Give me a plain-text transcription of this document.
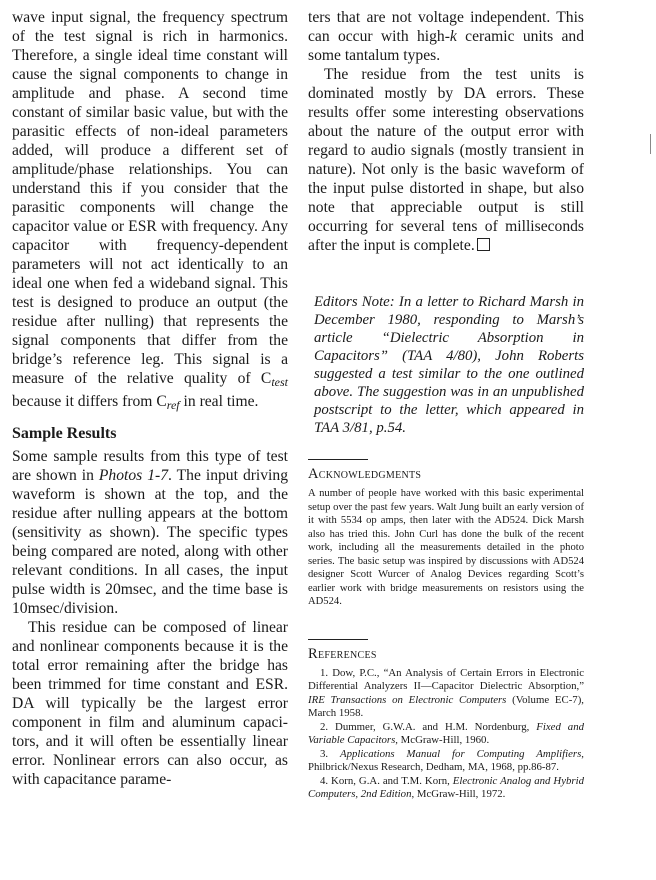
wave input signal, the frequency spectrum of the test signal is rich in harmonics. Therefore, a single ideal time constant will cause the signal components to change in amplitude and phase. A second time constant of similar basic value, but with the parasitic effects of non-ideal parameters added, will produce a different set of amplitude/phase relationships. You can understand this if you consider that the parasitic components will change the capacitor value or ESR with frequency. Any capacitor with frequency-dependent parameters will not act identically to an ideal one when fed a wideband signal. This test is designed to produce an output (the residue after nulling) that represents the signal components that differ from the bridge’s reference leg. This signal is a measure of the relative quality of $C_{test}$ because it differs from $C_{ref}$ in real time.

Sample Results

Some sample results from this type of test are shown in Photos 1-7. The input driving waveform is shown at the top, and the residue after nulling appears at the bottom (sensitivity as shown). The specific types being compared are noted, along with other relevant conditions. In all cases, the input pulse width is 20msec, and the time base is 10msec/division.

This residue can be composed of linear and nonlinear components because it is the total error remaining after the bridge has been trimmed for time constant and ESR. DA will typically be the largest error component in film and aluminum capacitors, and it will often be essentially linear error. Nonlinear errors can also occur, as with capacitance parame-

ters that are not voltage independent. This can occur with high-k ceramic units and some tantalum types.

The residue from the test units is dominated mostly by DA errors. These results offer some interesting observations about the nature of the output error with regard to audio signals (mostly transient in nature). Not only is the basic waveform of the input pulse distorted in shape, but also note that appreciable output is still occurring for several tens of milliseconds after the input is complete.

Editors Note: In a letter to Richard Marsh in December 1980, responding to Marsh’s article “Dielectric Absorption in Capacitors” (TAA 4/80), John Roberts suggested a test similar to the one outlined above. The suggestion was in an unpublished postscript to the letter, which appeared in TAA 3/81, p.54.

Acknowledgments

A number of people have worked with this basic experimental setup over the past few years. Walt Jung built an early version of it with 5534 op amps, then later with the AD524. Dick Marsh also has tried this. John Curl has done the bulk of the recent work, including all the measurements detailed in the photo series. The basic setup was inspired by discussions with AD524 designer Scott Wurcer of Analog Devices regarding Scott’s earlier work with bridge measurements on resistors using the AD524.

References

1. Dow, P.C., “An Analysis of Certain Errors in Electronic Differential Analyzers II—Capacitor Dielectric Absorption,” IRE Transactions on Electronic Computers (Volume EC-7), March 1958.

2. Dummer, G.W.A. and H.M. Nordenburg, Fixed and Variable Capacitors, McGraw-Hill, 1960.

3. Applications Manual for Computing Amplifiers, Philbrick/Nexus Research, Dedham, MA, 1968, pp.86-87.

4. Korn, G.A. and T.M. Korn, Electronic Analog and Hybrid Computers, 2nd Edition, McGraw-Hill, 1972.
